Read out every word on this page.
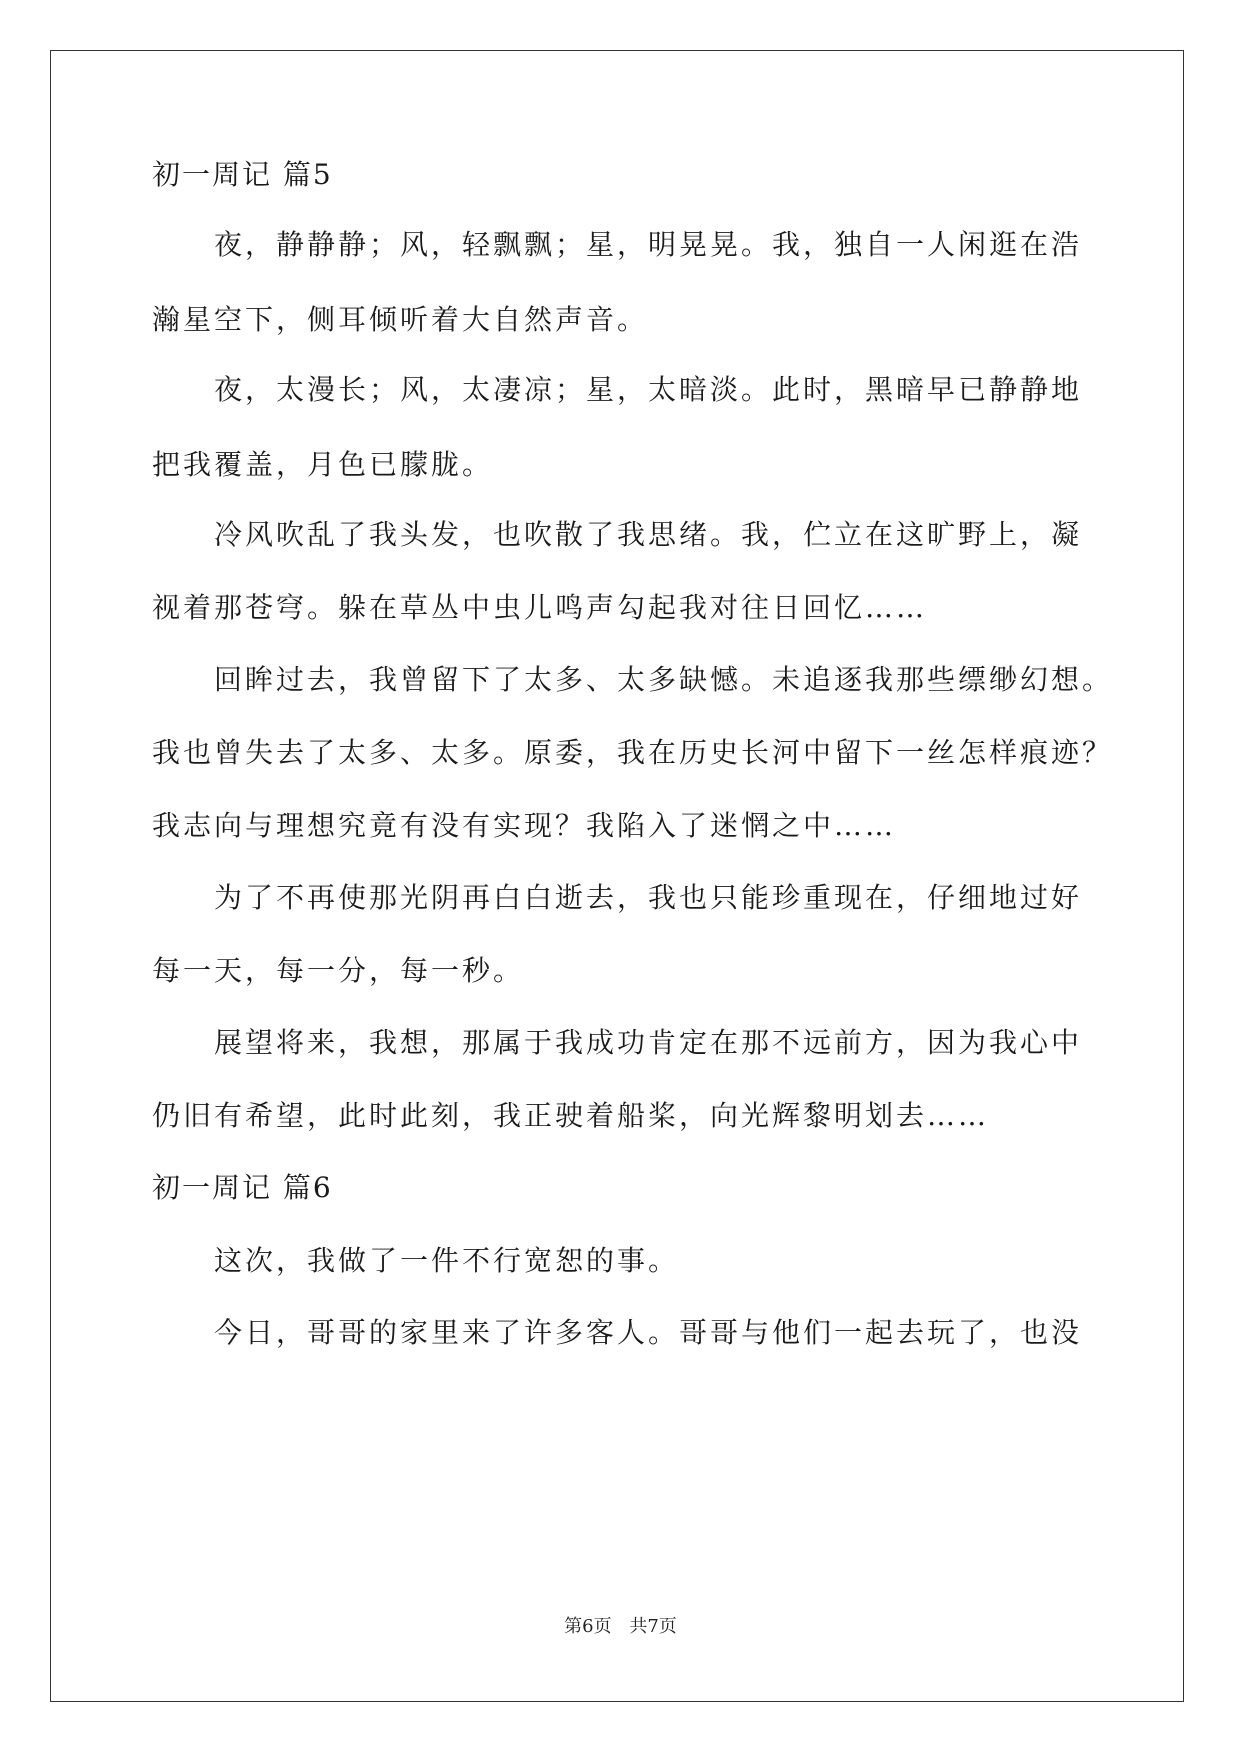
初一周记 篇5
夜，静静静；风，轻飘飘；星，明晃晃。我，独自一人闲逛在浩
瀚星空下，侧耳倾听着大自然声音。
夜，太漫长；风，太凄凉；星，太暗淡。此时，黑暗早已静静地
把我覆盖，月色已朦胧。
冷风吹乱了我头发，也吹散了我思绪。我，伫立在这旷野上，凝
视着那苍穹。躲在草丛中虫儿鸣声勾起我对往日回忆……
回眸过去，我曾留下了太多、太多缺憾。未追逐我那些缥缈幻想。
我也曾失去了太多、太多。原委，我在历史长河中留下一丝怎样痕迹？
我志向与理想究竟有没有实现？我陷入了迷惘之中……
为了不再使那光阴再白白逝去，我也只能珍重现在，仔细地过好
每一天，每一分，每一秒。
展望将来，我想，那属于我成功肯定在那不远前方，因为我心中
仍旧有希望，此时此刻，我正驶着船桨，向光辉黎明划去……
初一周记 篇6
这次，我做了一件不行宽恕的事。
今日，哥哥的家里来了许多客人。哥哥与他们一起去玩了，也没
第6页 共7页
